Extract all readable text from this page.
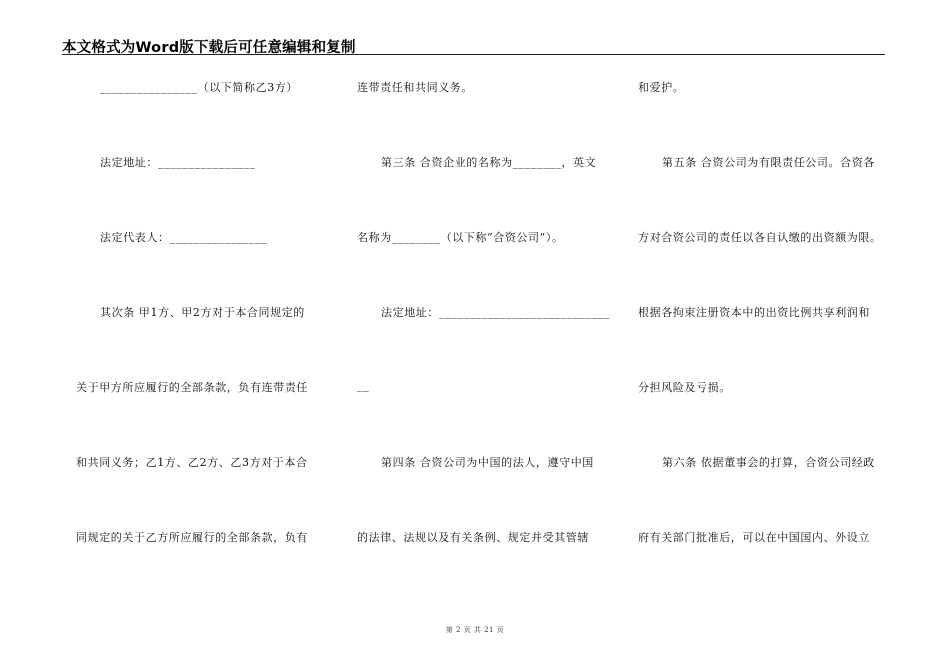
本文格式为Word版下载后可任意编辑和复制
________________（以下简称乙3方）
法定地址：________________
法定代表人：________________
其次条 甲1方、甲2方对于本合同规定的
关于甲方所应履行的全部条款，负有连带责任
和共同义务；乙1方、乙2方、乙3方对于本合
同规定的关于乙方所应履行的全部条款，负有
连带责任和共同义务。
第三条 合资企业的名称为________，英文
名称为________（以下称“合资公司”）。
法定地址：____________________________
__
第四条 合资公司为中国的法人，遵守中国
的法律、法规以及有关条例、规定并受其管辖
和爱护。
第五条 合资公司为有限责任公司。合资各
方对合资公司的责任以各自认缴的出资额为限。
根据各拘束注册资本中的出资比例共享利润和
分担风险及亏损。
第六条 依据董事会的打算，合资公司经政
府有关部门批准后，可以在中国国内、外设立
第 2 页 共 21 页
